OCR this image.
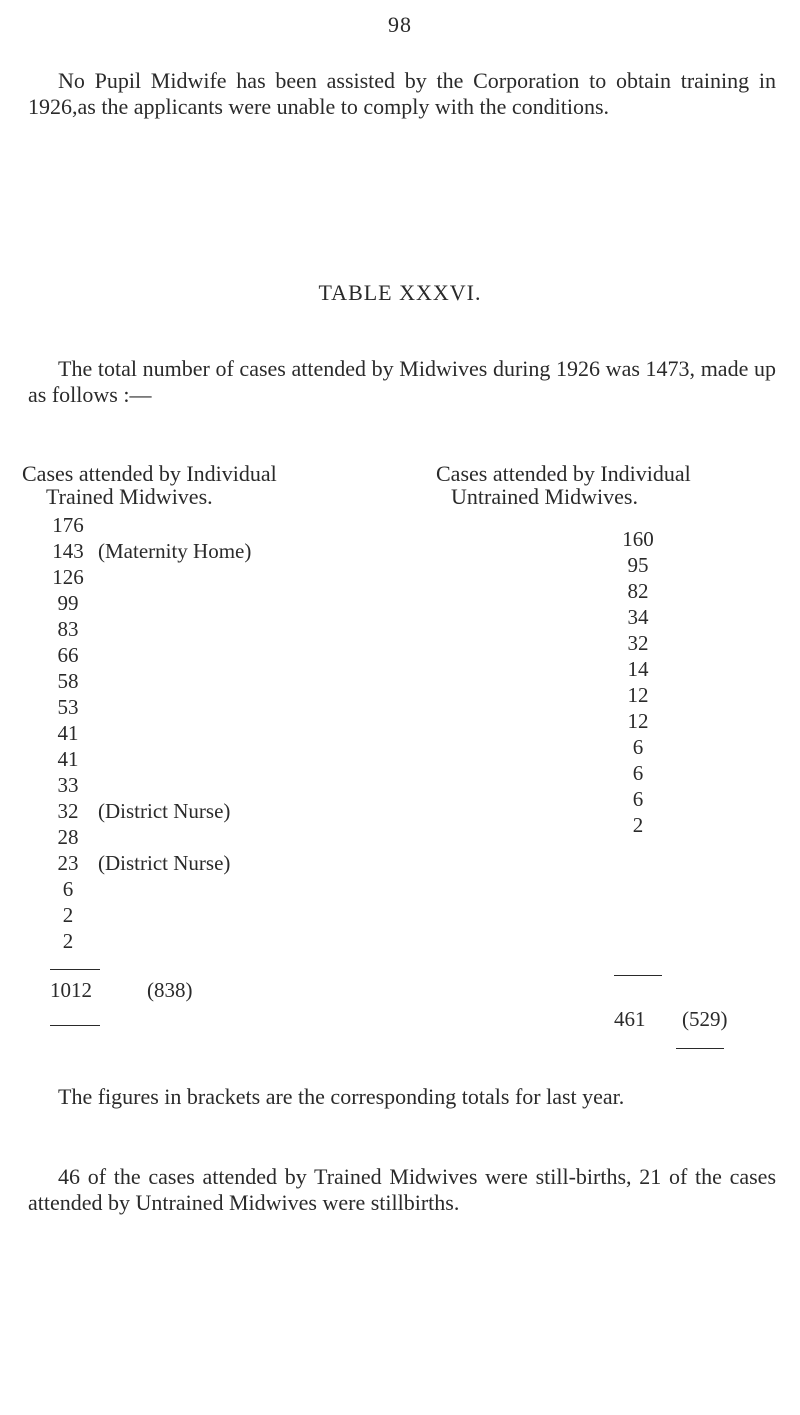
98
No Pupil Midwife has been assisted by the Corporation to obtain training in 1926,as the applicants were unable to comply with the conditions.
TABLE XXXVI.
The total number of cases attended by Midwives during 1926 was 1473, made up as follows :—
Cases attended by Individual
Trained Midwives.
Cases attended by Individual
Untrained Midwives.
176
143 (Maternity Home)
126
99
83
66
58
53
41
41
33
32 (District Nurse)
28
23 (District Nurse)
6
2
2
160
95
82
34
32
14
12
12
6
6
6
2
1012	(838)
461 (529)
The figures in brackets are the corresponding totals for last year.
46 of the cases attended by Trained Midwives were still-births, 21 of the cases attended by Untrained Midwives were stillbirths.
